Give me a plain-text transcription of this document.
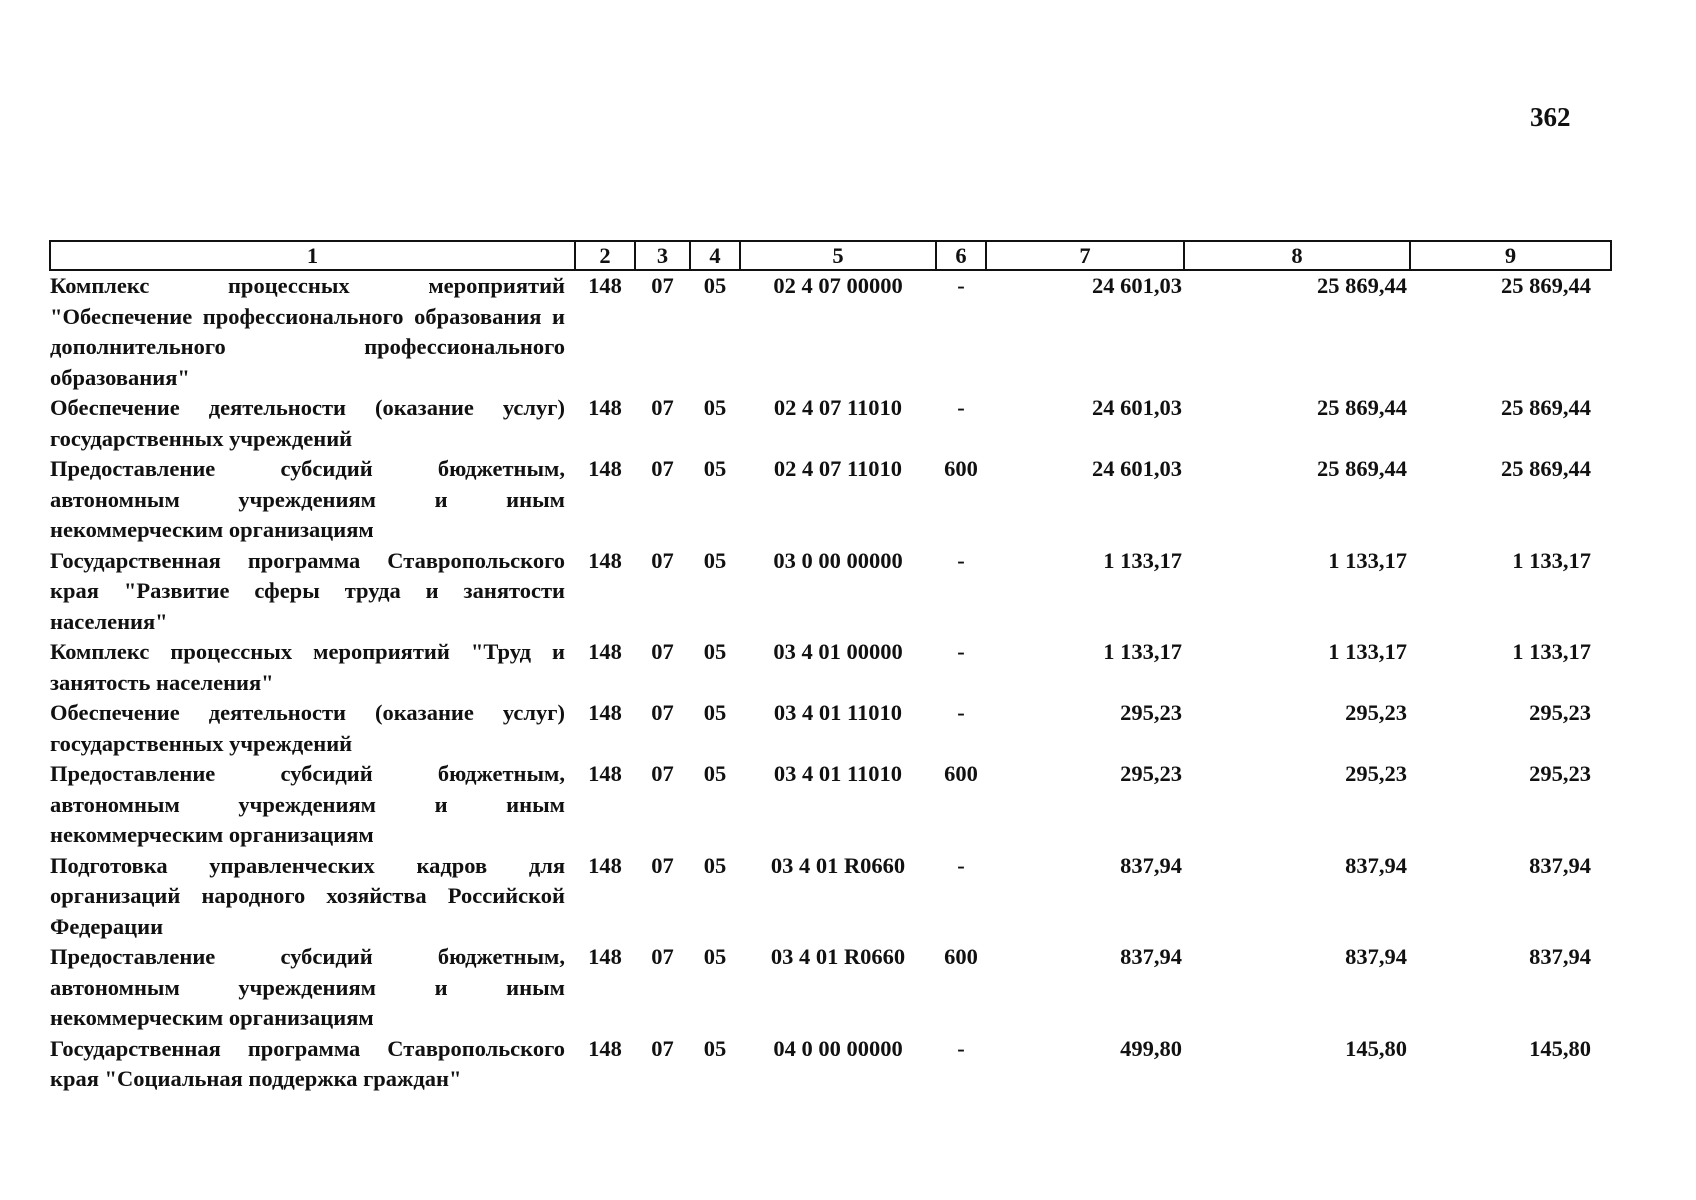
362
1	2	3	4	5	6	7	8	9
Комплекс процессных мероприятий "Обеспечение профессионального образования и дополнительного профессионального образования"	148	07	05	02 4 07 00000	-	24 601,03	25 869,44	25 869,44
Обеспечение деятельности (оказание услуг) государственных учреждений	148	07	05	02 4 07 11010	-	24 601,03	25 869,44	25 869,44
Предоставление субсидий бюджетным, автономным учреждениям и иным некоммерческим организациям	148	07	05	02 4 07 11010	600	24 601,03	25 869,44	25 869,44
Государственная программа Ставропольского края "Развитие сферы труда и занятости населения"	148	07	05	03 0 00 00000	-	1 133,17	1 133,17	1 133,17
Комплекс процессных мероприятий "Труд и занятость населения"	148	07	05	03 4 01 00000	-	1 133,17	1 133,17	1 133,17
Обеспечение деятельности (оказание услуг) государственных учреждений	148	07	05	03 4 01 11010	-	295,23	295,23	295,23
Предоставление субсидий бюджетным, автономным учреждениям и иным некоммерческим организациям	148	07	05	03 4 01 11010	600	295,23	295,23	295,23
Подготовка управленческих кадров для организаций народного хозяйства Российской Федерации	148	07	05	03 4 01 R0660	-	837,94	837,94	837,94
Предоставление субсидий бюджетным, автономным учреждениям и иным некоммерческим организациям	148	07	05	03 4 01 R0660	600	837,94	837,94	837,94
Государственная программа Ставропольского края "Социальная поддержка граждан"	148	07	05	04 0 00 00000	-	499,80	145,80	145,80
